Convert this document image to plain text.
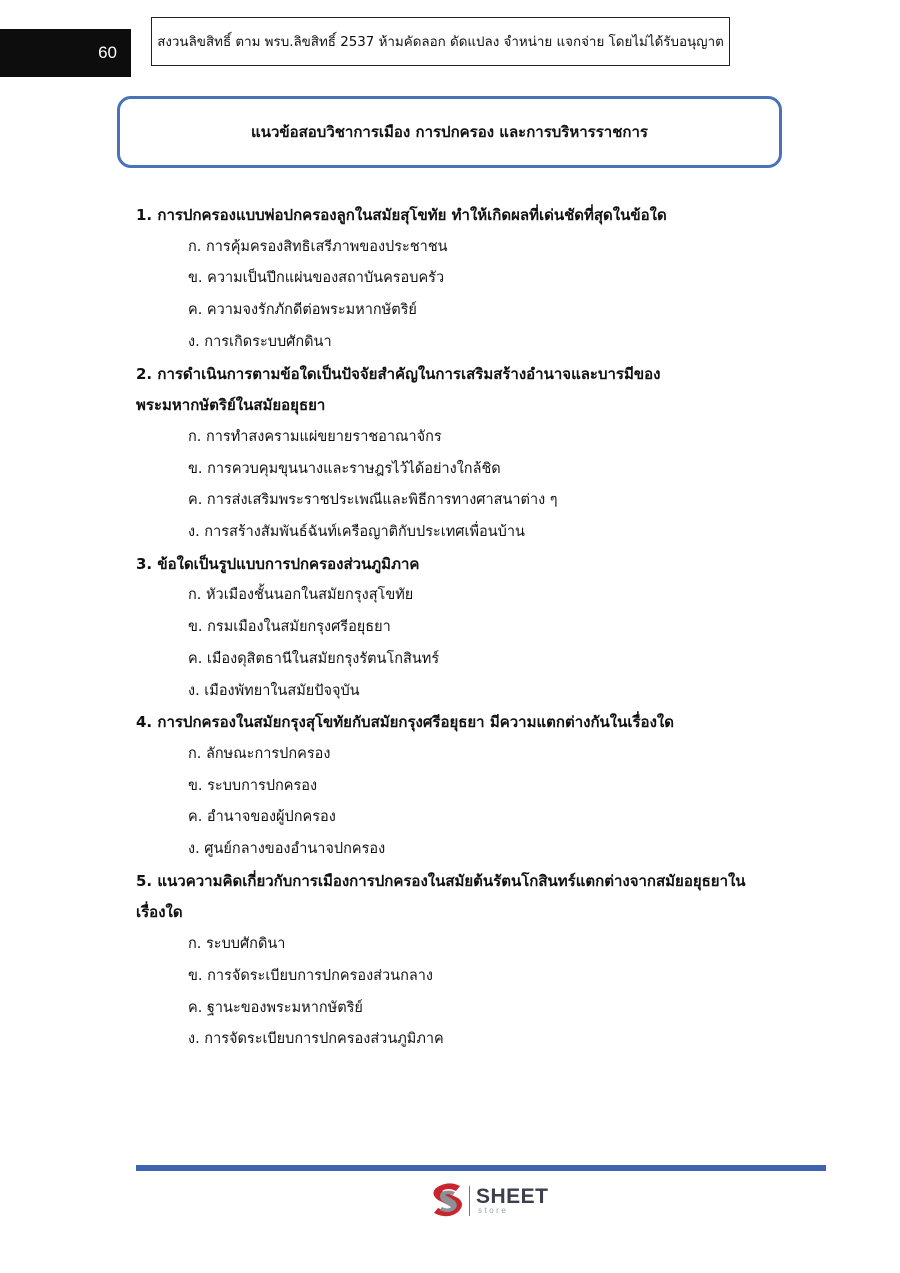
60
สงวนลิขสิทธิ์ ตาม พรบ.ลิขสิทธิ์ 2537 ห้ามคัดลอก ดัดแปลง จำหน่าย แจกจ่าย โดยไม่ได้รับอนุญาต
แนวข้อสอบวิชาการเมือง การปกครอง และการบริหารราชการ
1. การปกครองแบบพ่อปกครองลูกในสมัยสุโขทัย ทำให้เกิดผลที่เด่นชัดที่สุดในข้อใด
ก. การคุ้มครองสิทธิเสรีภาพของประชาชน
ข. ความเป็นปึกแผ่นของสถาบันครอบครัว
ค. ความจงรักภักดีต่อพระมหากษัตริย์
ง. การเกิดระบบศักดินา
2. การดำเนินการตามข้อใดเป็นปัจจัยสำคัญในการเสริมสร้างอำนาจและบารมีของ
พระมหากษัตริย์ในสมัยอยุธยา
ก. การทำสงครามแผ่ขยายราชอาณาจักร
ข. การควบคุมขุนนางและราษฎรไว้ได้อย่างใกล้ชิด
ค. การส่งเสริมพระราชประเพณีและพิธีการทางศาสนาต่าง ๆ
ง. การสร้างสัมพันธ์ฉันท์เครือญาติกับประเทศเพื่อนบ้าน
3. ข้อใดเป็นรูปแบบการปกครองส่วนภูมิภาค
ก. หัวเมืองชั้นนอกในสมัยกรุงสุโขทัย
ข. กรมเมืองในสมัยกรุงศรีอยุธยา
ค. เมืองดุสิตธานีในสมัยกรุงรัตนโกสินทร์
ง. เมืองพัทยาในสมัยปัจจุบัน
4. การปกครองในสมัยกรุงสุโขทัยกับสมัยกรุงศรีอยุธยา มีความแตกต่างกันในเรื่องใด
ก. ลักษณะการปกครอง
ข. ระบบการปกครอง
ค. อำนาจของผู้ปกครอง
ง. ศูนย์กลางของอำนาจปกครอง
5. แนวความคิดเกี่ยวกับการเมืองการปกครองในสมัยต้นรัตนโกสินทร์แตกต่างจากสมัยอยุธยาใน
เรื่องใด
ก. ระบบศักดินา
ข. การจัดระเบียบการปกครองส่วนกลาง
ค. ฐานะของพระมหากษัตริย์
ง. การจัดระเบียบการปกครองส่วนภูมิภาค
SHEET
store
